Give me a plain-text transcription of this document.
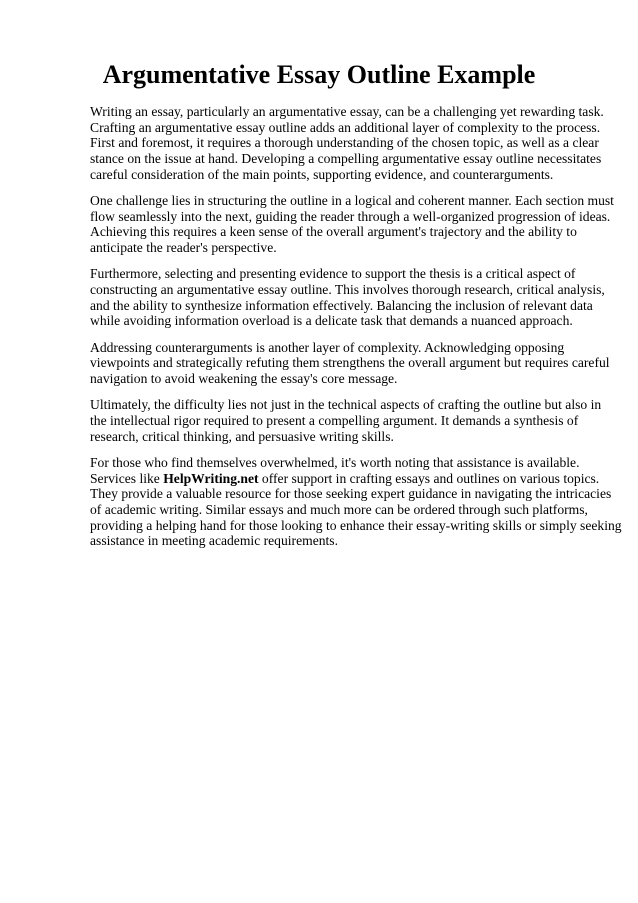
Argumentative Essay Outline Example

Writing an essay, particularly an argumentative essay, can be a challenging yet rewarding task.
Crafting an argumentative essay outline adds an additional layer of complexity to the process.
First and foremost, it requires a thorough understanding of the chosen topic, as well as a clear
stance on the issue at hand. Developing a compelling argumentative essay outline necessitates
careful consideration of the main points, supporting evidence, and counterarguments.

One challenge lies in structuring the outline in a logical and coherent manner. Each section must
flow seamlessly into the next, guiding the reader through a well-organized progression of ideas.
Achieving this requires a keen sense of the overall argument's trajectory and the ability to
anticipate the reader's perspective.

Furthermore, selecting and presenting evidence to support the thesis is a critical aspect of
constructing an argumentative essay outline. This involves thorough research, critical analysis,
and the ability to synthesize information effectively. Balancing the inclusion of relevant data
while avoiding information overload is a delicate task that demands a nuanced approach.

Addressing counterarguments is another layer of complexity. Acknowledging opposing
viewpoints and strategically refuting them strengthens the overall argument but requires careful
navigation to avoid weakening the essay's core message.

Ultimately, the difficulty lies not just in the technical aspects of crafting the outline but also in
the intellectual rigor required to present a compelling argument. It demands a synthesis of
research, critical thinking, and persuasive writing skills.

For those who find themselves overwhelmed, it's worth noting that assistance is available.
Services like HelpWriting.net offer support in crafting essays and outlines on various topics.
They provide a valuable resource for those seeking expert guidance in navigating the intricacies
of academic writing. Similar essays and much more can be ordered through such platforms,
providing a helping hand for those looking to enhance their essay-writing skills or simply seeking
assistance in meeting academic requirements.
